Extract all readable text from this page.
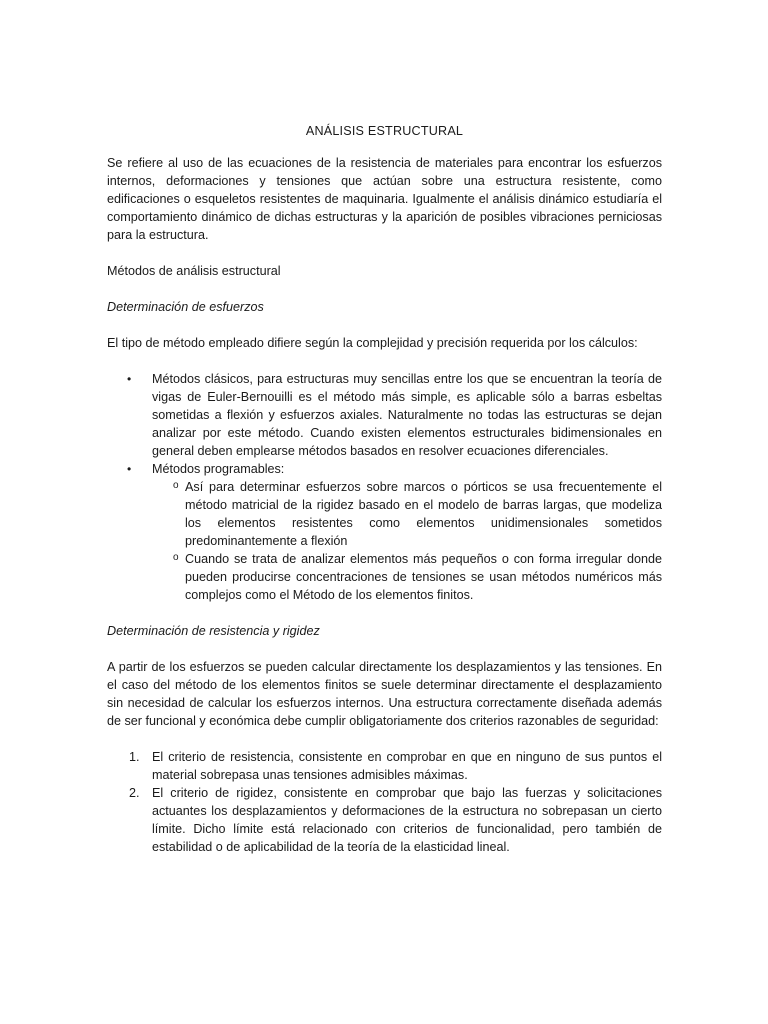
ANÁLISIS ESTRUCTURAL

Se refiere al uso de las ecuaciones de la resistencia de materiales para encontrar los esfuerzos internos, deformaciones y tensiones que actúan sobre una estructura resistente, como edificaciones o esqueletos resistentes de maquinaria. Igualmente el análisis dinámico estudiaría el comportamiento dinámico de dichas estructuras y la aparición de posibles vibraciones perniciosas para la estructura.

Métodos de análisis estructural

Determinación de esfuerzos

El tipo de método empleado difiere según la complejidad y precisión requerida por los cálculos:

• Métodos clásicos, para estructuras muy sencillas entre los que se encuentran la teoría de vigas de Euler-Bernouilli es el método más simple, es aplicable sólo a barras esbeltas sometidas a flexión y esfuerzos axiales. Naturalmente no todas las estructuras se dejan analizar por este método. Cuando existen elementos estructurales bidimensionales en general deben emplearse métodos basados en resolver ecuaciones diferenciales.
• Métodos programables:
o Así para determinar esfuerzos sobre marcos o pórticos se usa frecuentemente el método matricial de la rigidez basado en el modelo de barras largas, que modeliza los elementos resistentes como elementos unidimensionales sometidos predominantemente a flexión
o Cuando se trata de analizar elementos más pequeños o con forma irregular donde pueden producirse concentraciones de tensiones se usan métodos numéricos más complejos como el Método de los elementos finitos.

Determinación de resistencia y rigidez

A partir de los esfuerzos se pueden calcular directamente los desplazamientos y las tensiones. En el caso del método de los elementos finitos se suele determinar directamente el desplazamiento sin necesidad de calcular los esfuerzos internos. Una estructura correctamente diseñada además de ser funcional y económica debe cumplir obligatoriamente dos criterios razonables de seguridad:

1. El criterio de resistencia, consistente en comprobar en que en ninguno de sus puntos el material sobrepasa unas tensiones admisibles máximas.
2. El criterio de rigidez, consistente en comprobar que bajo las fuerzas y solicitaciones actuantes los desplazamientos y deformaciones de la estructura no sobrepasan un cierto límite. Dicho límite está relacionado con criterios de funcionalidad, pero también de estabilidad o de aplicabilidad de la teoría de la elasticidad lineal.
